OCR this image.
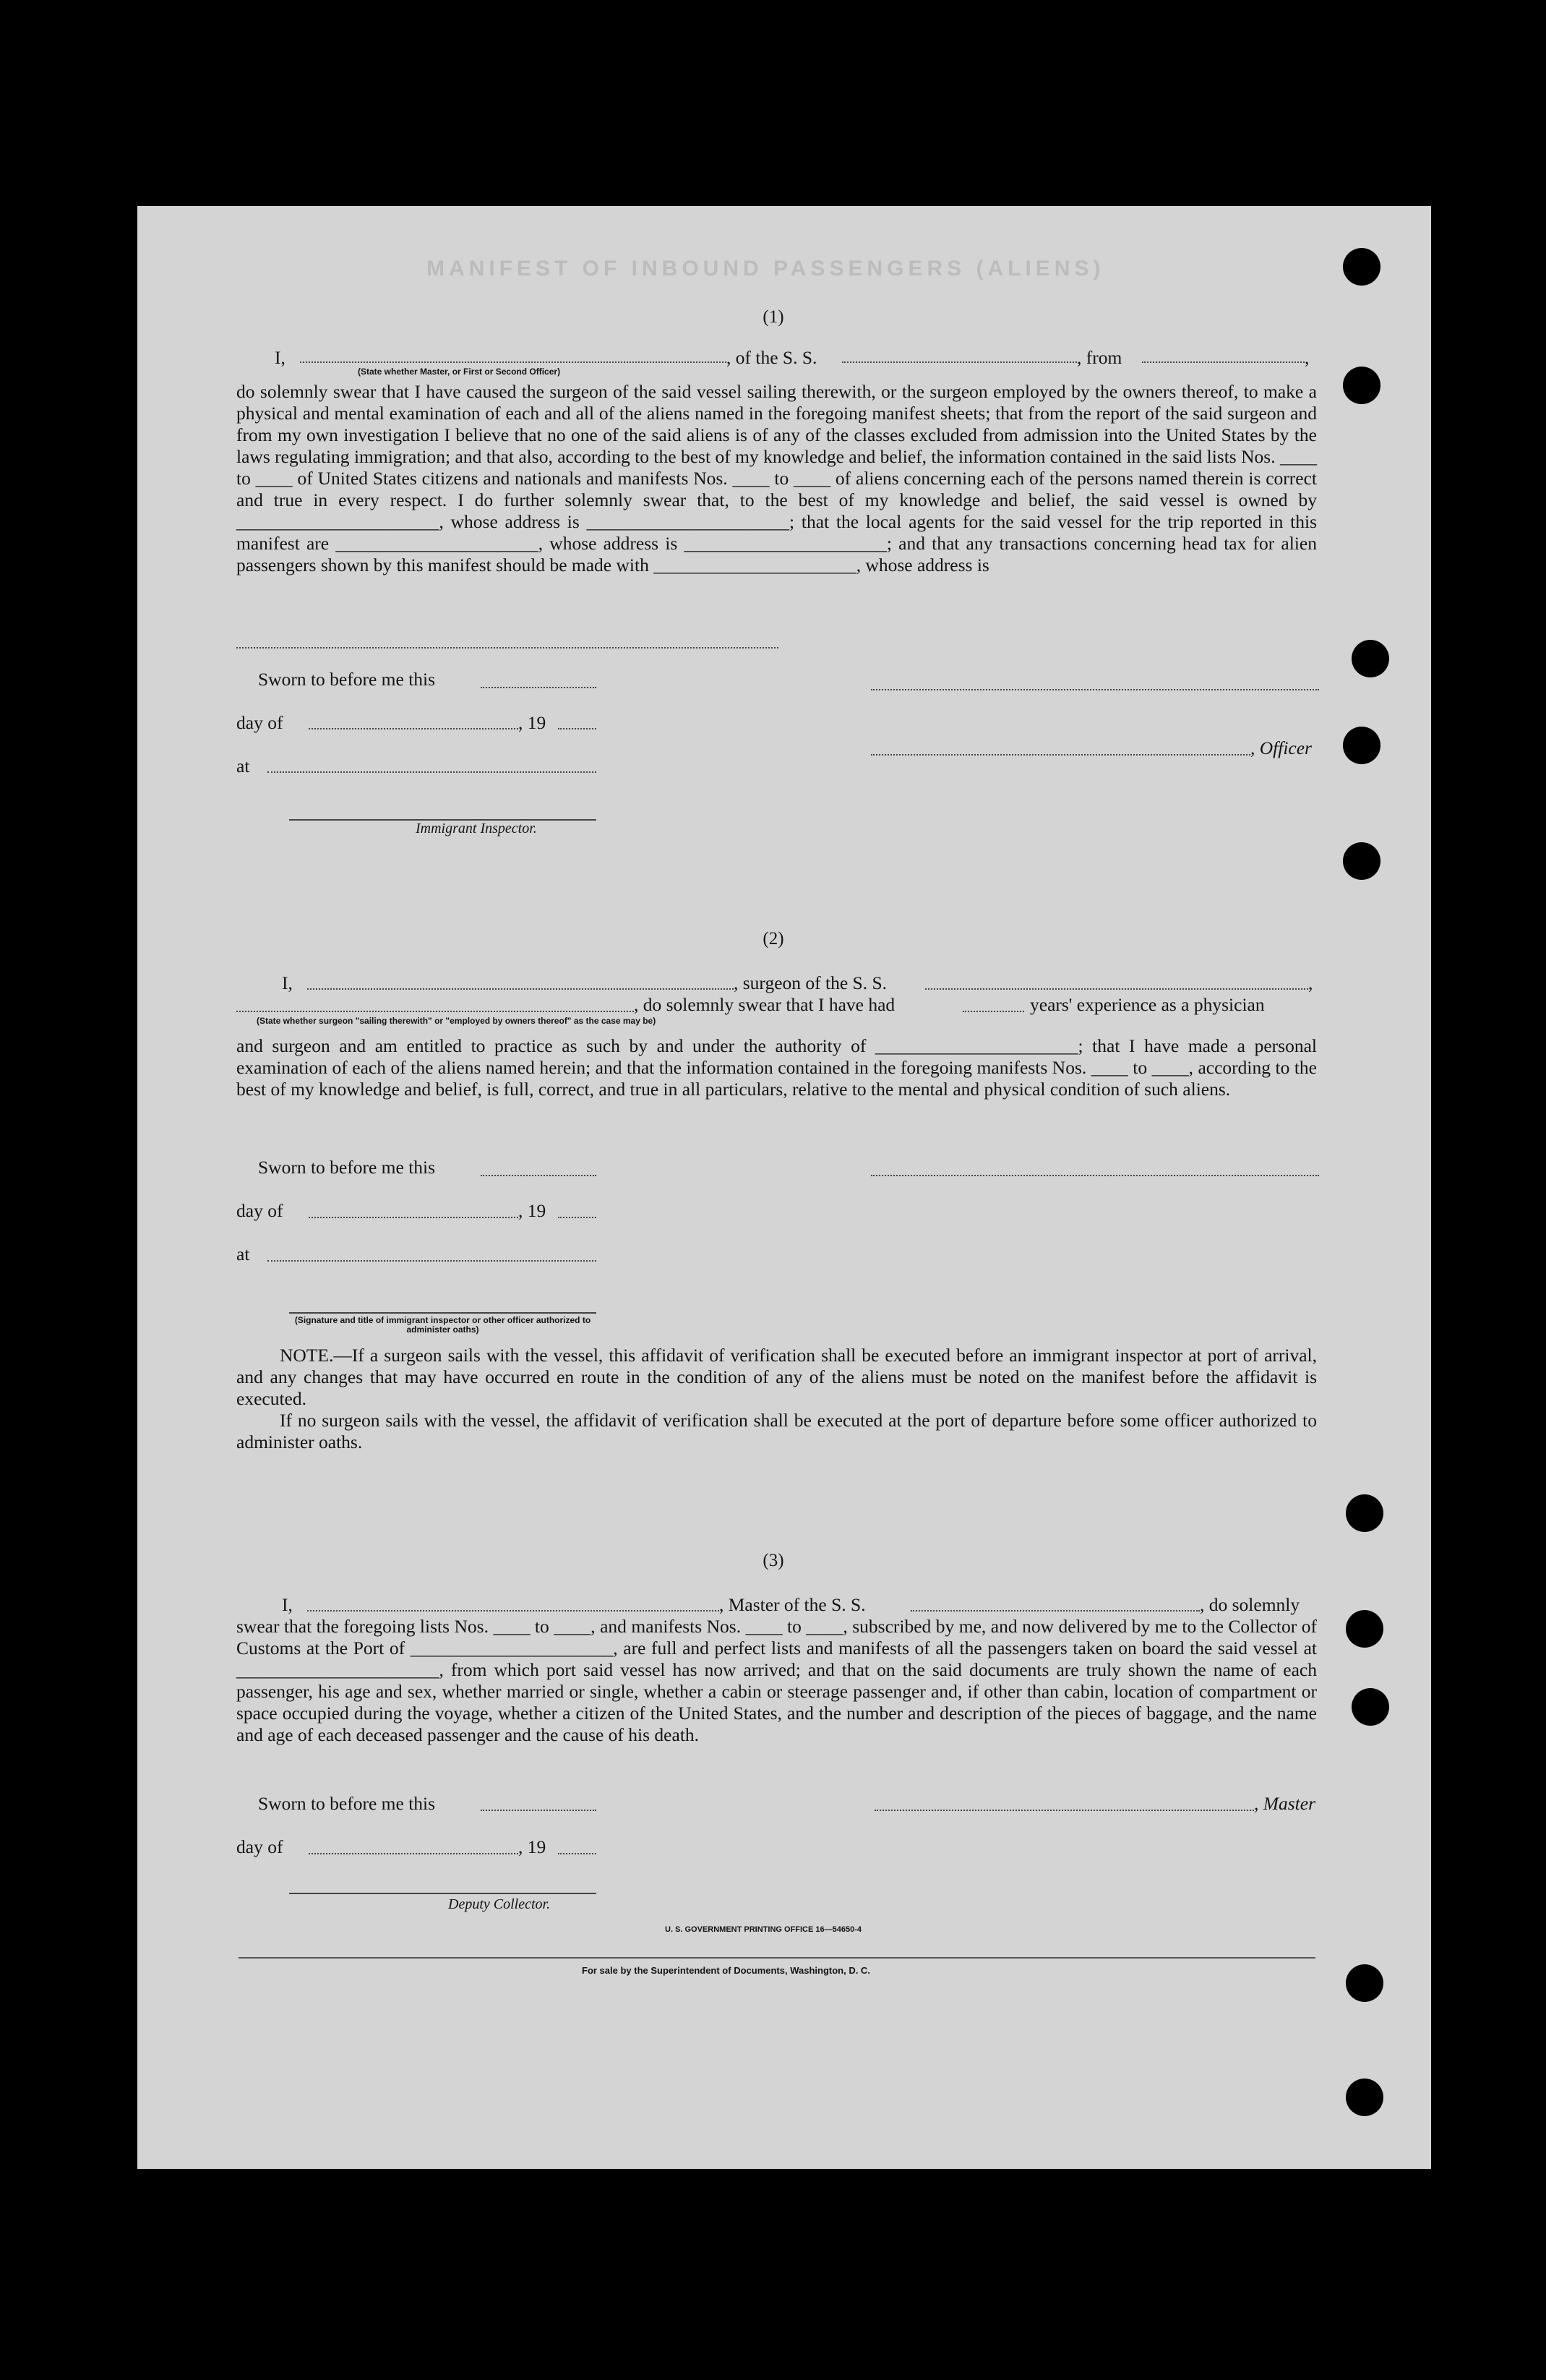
MANIFEST OF INBOUND PASSENGERS (ALIENS)
(1)
I,	, of the S. S.	, from	,
(State whether Master, or First or Second Officer)

do solemnly swear that I have caused the surgeon of the said vessel sailing therewith, or the surgeon employed by the owners thereof, to make a physical and mental examination of each and all of the aliens named in the foregoing manifest sheets; that from the report of the said surgeon and from my own investigation I believe that no one of the said aliens is of any of the classes excluded from admission into the United States by the laws regulating immigration; and that also, according to the best of my knowledge and belief, the information contained in the said lists Nos. ____ to ____ of United States citizens and nationals and manifests Nos. ____ to ____ of aliens concerning each of the persons named therein is correct and true in every respect. I do further solemnly swear that, to the best of my knowledge and belief, the said vessel is owned by ______________________, whose address is ______________________; that the local agents for the said vessel for the trip reported in this manifest are ______________________, whose address is ______________________; and that any transactions concerning head tax for alien passengers shown by this manifest should be made with ______________________, whose address is

Sworn to before me this
day of	, 19
at
Immigrant Inspector.
, Officer
(2)
I,	, surgeon of the S. S.	,
, do solemnly swear that I have had	years' experience as a physician
(State whether surgeon "sailing therewith" or "employed by owners thereof" as the case may be)

and surgeon and am entitled to practice as such by and under the authority of ______________________; that I have made a personal examination of each of the aliens named herein; and that the information contained in the foregoing manifests Nos. ____ to ____, according to the best of my knowledge and belief, is full, correct, and true in all particulars, relative to the mental and physical condition of such aliens.

Sworn to before me this
day of	, 19
at
(Signature and title of immigrant inspector or other officer authorized to administer oaths)

NOTE.—If a surgeon sails with the vessel, this affidavit of verification shall be executed before an immigrant inspector at port of arrival, and any changes that may have occurred en route in the condition of any of the aliens must be noted on the manifest before the affidavit is executed.

If no surgeon sails with the vessel, the affidavit of verification shall be executed at the port of departure before some officer authorized to administer oaths.

(3)
I,	, Master of the S. S.	, do solemnly

swear that the foregoing lists Nos. ____ to ____, and manifests Nos. ____ to ____, subscribed by me, and now delivered by me to the Collector of Customs at the Port of ______________________, are full and perfect lists and manifests of all the passengers taken on board the said vessel at ______________________, from which port said vessel has now arrived; and that on the said documents are truly shown the name of each passenger, his age and sex, whether married or single, whether a cabin or steerage passenger and, if other than cabin, location of compartment or space occupied during the voyage, whether a citizen of the United States, and the number and description of the pieces of baggage, and the name and age of each deceased passenger and the cause of his death.

Sworn to before me this
day of	, 19
Deputy Collector.
, Master
U. S. GOVERNMENT PRINTING OFFICE 16—54650-4
For sale by the Superintendent of Documents, Washington, D. C.
